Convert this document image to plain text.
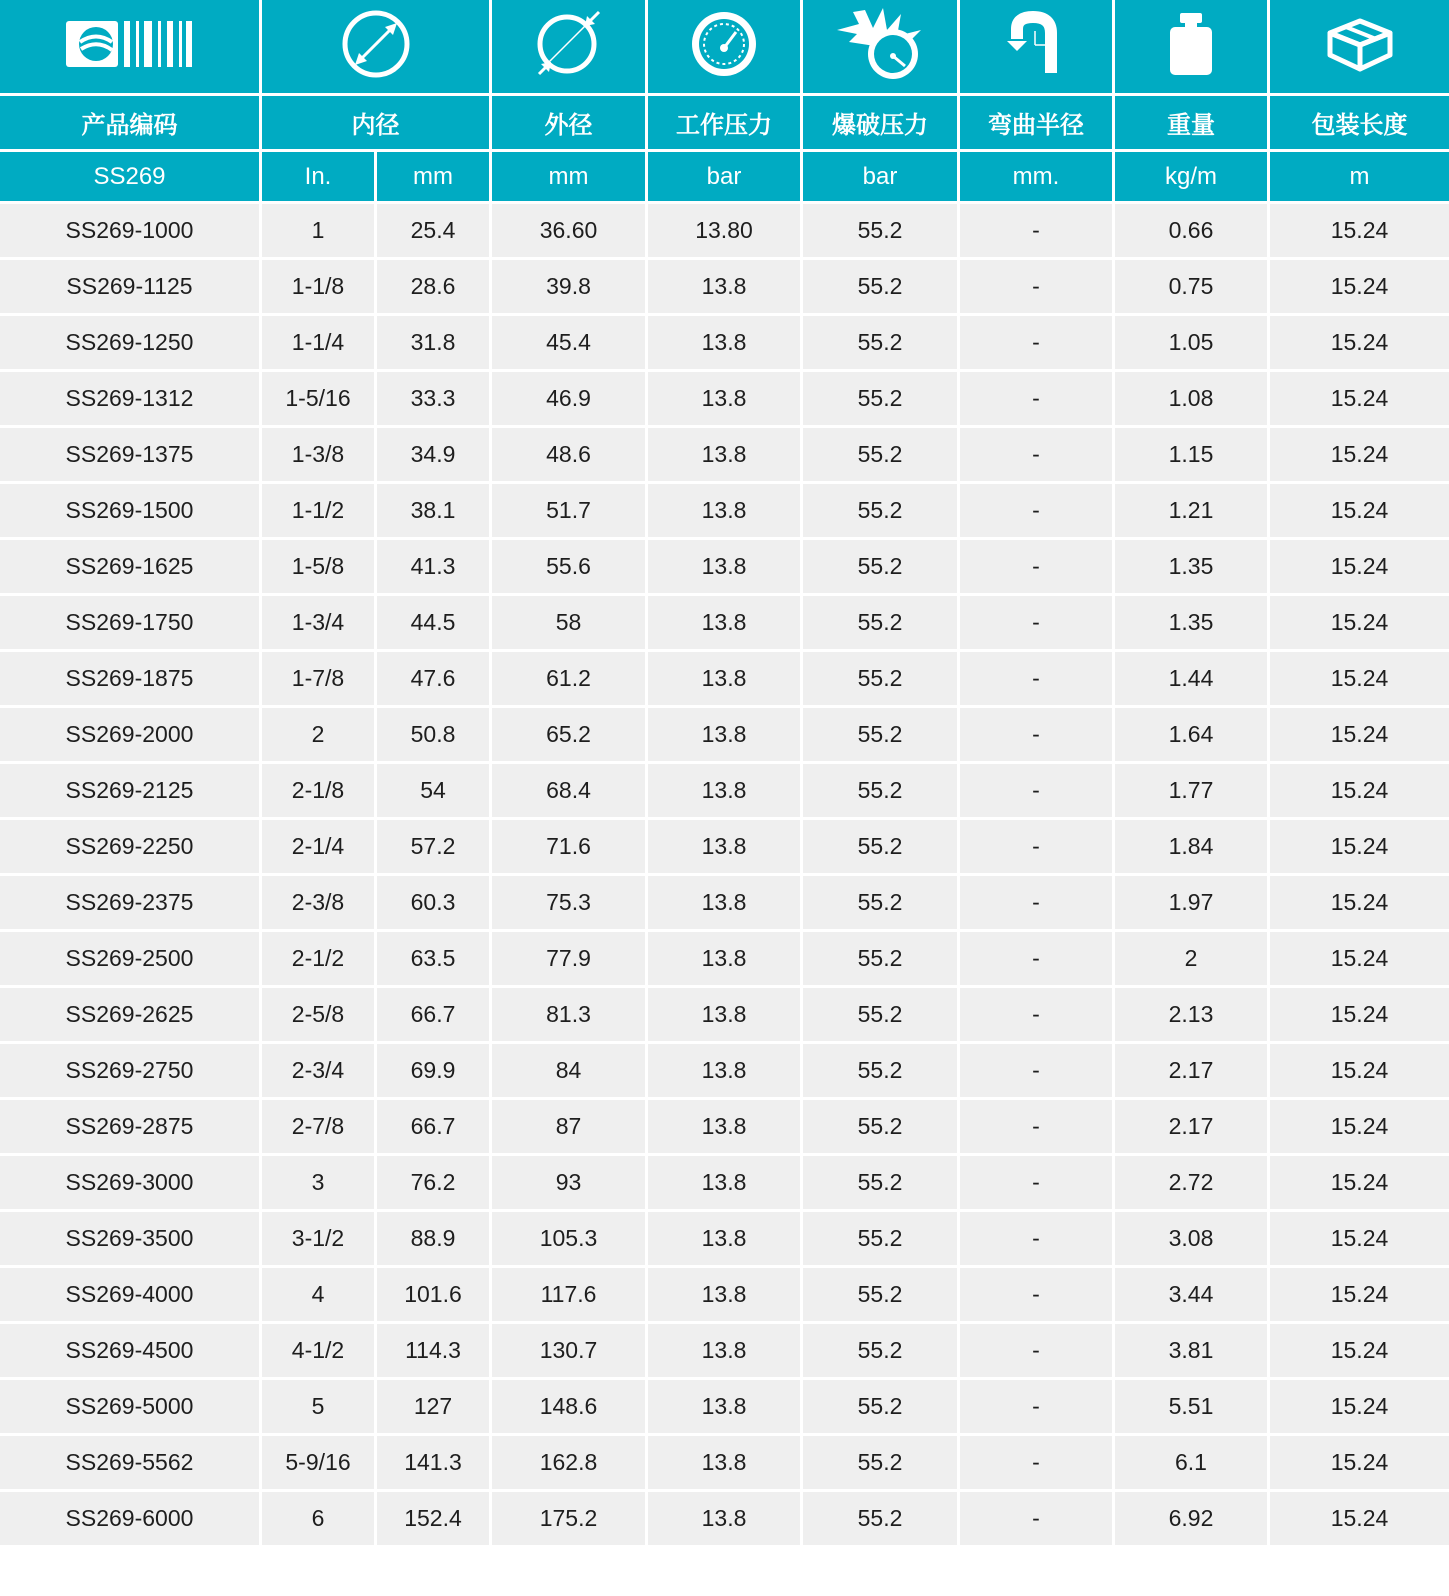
产品编码	内径		外径	工作压力	爆破压力	弯曲半径	重量	包装长度
SS269	In.	mm	mm	bar	bar	mm.	kg/m	m
SS269-1000	1	25.4	36.60	13.80	55.2	-	0.66	15.24
SS269-1125	1-1/8	28.6	39.8	13.8	55.2	-	0.75	15.24
SS269-1250	1-1/4	31.8	45.4	13.8	55.2	-	1.05	15.24
SS269-1312	1-5/16	33.3	46.9	13.8	55.2	-	1.08	15.24
SS269-1375	1-3/8	34.9	48.6	13.8	55.2	-	1.15	15.24
SS269-1500	1-1/2	38.1	51.7	13.8	55.2	-	1.21	15.24
SS269-1625	1-5/8	41.3	55.6	13.8	55.2	-	1.35	15.24
SS269-1750	1-3/4	44.5	58	13.8	55.2	-	1.35	15.24
SS269-1875	1-7/8	47.6	61.2	13.8	55.2	-	1.44	15.24
SS269-2000	2	50.8	65.2	13.8	55.2	-	1.64	15.24
SS269-2125	2-1/8	54	68.4	13.8	55.2	-	1.77	15.24
SS269-2250	2-1/4	57.2	71.6	13.8	55.2	-	1.84	15.24
SS269-2375	2-3/8	60.3	75.3	13.8	55.2	-	1.97	15.24
SS269-2500	2-1/2	63.5	77.9	13.8	55.2	-	2	15.24
SS269-2625	2-5/8	66.7	81.3	13.8	55.2	-	2.13	15.24
SS269-2750	2-3/4	69.9	84	13.8	55.2	-	2.17	15.24
SS269-2875	2-7/8	66.7	87	13.8	55.2	-	2.17	15.24
SS269-3000	3	76.2	93	13.8	55.2	-	2.72	15.24
SS269-3500	3-1/2	88.9	105.3	13.8	55.2	-	3.08	15.24
SS269-4000	4	101.6	117.6	13.8	55.2	-	3.44	15.24
SS269-4500	4-1/2	114.3	130.7	13.8	55.2	-	3.81	15.24
SS269-5000	5	127	148.6	13.8	55.2	-	5.51	15.24
SS269-5562	5-9/16	141.3	162.8	13.8	55.2	-	6.1	15.24
SS269-6000	6	152.4	175.2	13.8	55.2	-	6.92	15.24
